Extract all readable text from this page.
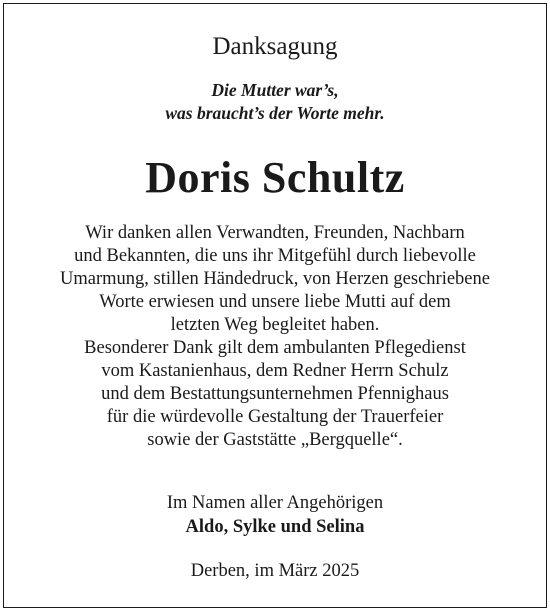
Danksagung
Die Mutter war’s,
was braucht’s der Worte mehr.
Doris Schultz
Wir danken allen Verwandten, Freunden, Nachbarn
und Bekannten, die uns ihr Mitgefühl durch liebevolle
Umarmung, stillen Händedruck, von Herzen geschriebene
Worte erwiesen und unsere liebe Mutti auf dem
letzten Weg begleitet haben.
Besonderer Dank gilt dem ambulanten Pflegedienst
vom Kastanienhaus, dem Redner Herrn Schulz
und dem Bestattungsunternehmen Pfennighaus
für die würdevolle Gestaltung der Trauerfeier
sowie der Gaststätte „Bergquelle“.
Im Namen aller Angehörigen
Aldo, Sylke und Selina
Derben, im März 2025
